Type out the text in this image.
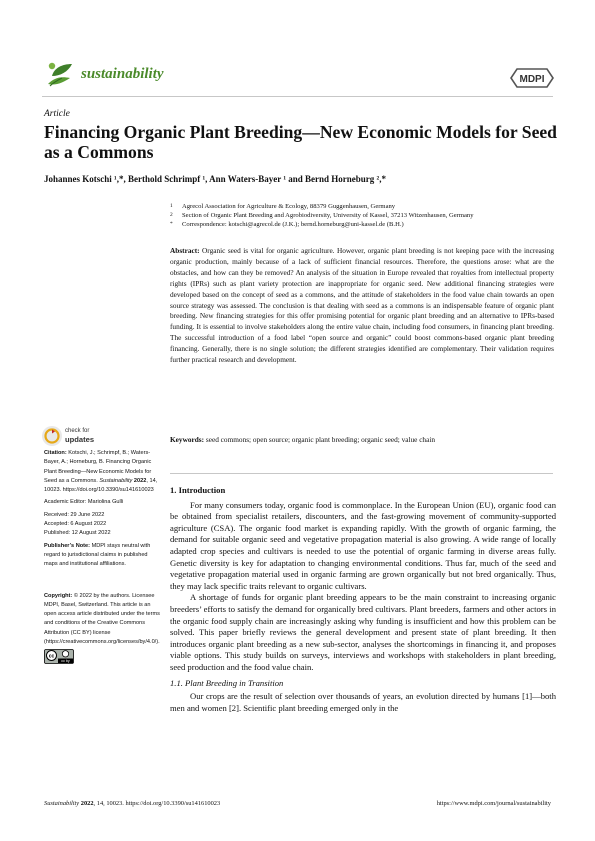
sustainability	MDPI
Article
Financing Organic Plant Breeding—New Economic Models for Seed as a Commons
Johannes Kotschi ¹,*, Berthold Schrimpf ¹, Ann Waters-Bayer ¹ and Bernd Horneburg ²,*
1 Agrecol Association for Agriculture & Ecology, 88379 Guggenhausen, Germany
2 Section of Organic Plant Breeding and Agrobiodiversity, University of Kassel, 37213 Witzenhausen, Germany
* Correspondence: kotschi@agrecol.de (J.K.); bernd.horneburg@uni-kassel.de (B.H.)
Abstract: Organic seed is vital for organic agriculture. However, organic plant breeding is not keeping pace with the increasing organic production, mainly because of a lack of sufficient financial resources. Therefore, the questions arose: what are the obstacles, and how can they be removed? An analysis of the situation in Europe revealed that royalties from intellectual property rights (IPRs) such as plant variety protection are inappropriate for organic seed. New additional financing strategies were developed based on the concept of seed as a commons, and the attitude of stakeholders in the food value chain towards an open source strategy was assessed. The conclusion is that dealing with seed as a commons is an indispensable feature of organic plant breeding. New financing strategies for this offer promising potential for organic plant breeding and an alternative to IPRs-based funding. It is essential to involve stakeholders along the entire value chain, including food consumers, in financing plant breeding. The successful introduction of a food label “open source and organic” could boost commons-based organic plant breeding financing. Generally, there is no single solution; the different strategies identified are complementary. Their validation requires further practical research and development.
Keywords: seed commons; open source; organic plant breeding; organic seed; value chain
check for
updates

Citation: Kotschi, J.; Schrimpf, B.; Waters-Bayer, A.; Horneburg, B. Financing Organic Plant Breeding—New Economic Models for Seed as a Commons. Sustainability 2022, 14, 10023. https://doi.org/10.3390/su141610023

Academic Editor: Mariolina Gulli

Received: 29 June 2022

Accepted: 6 August 2022

Published: 12 August 2022

Publisher’s Note: MDPI stays neutral with regard to jurisdictional claims in published maps and institutional affiliations.

Copyright: © 2022 by the authors. Licensee MDPI, Basel, Switzerland. This article is an open access article distributed under the terms and conditions of the Creative Commons Attribution (CC BY) license (https://creativecommons.org/licenses/by/4.0/).

cc
cc by

1. Introduction

For many consumers today, organic food is commonplace. In the European Union (EU), organic food can be obtained from specialist retailers, discounters, and the fast-growing movement of community-supported agriculture (CSA). The organic food market is expanding rapidly. With the growth of organic farming, the demand for suitable organic seed and vegetative propagation material is also growing. A wide range of locally adapted crop species and cultivars is needed to use the potential of organic farming in diverse areas fully. Genetic diversity is key for adaptation to changing environmental conditions. Thus far, much of the seed and vegetative propagation material used in organic farming are grown organically but not bred organically. Thus, they may lack specific traits relevant to organic cultivars.

A shortage of funds for organic plant breeding appears to be the main constraint to increasing organic breeders’ efforts to satisfy the demand for organically bred cultivars. Plant breeders, farmers and other actors in the organic food supply chain are increasingly asking why funding is insufficient and how this problem can be solved. This paper briefly reviews the general development and present state of plant breeding. It then introduces organic plant breeding as a new sub-sector, analyses the shortcomings in financing it, and proposes viable options. This study builds on surveys, interviews and workshops with stakeholders in plant breeding, seed production and the food value chain.

1.1. Plant Breeding in Transition

Our crops are the result of selection over thousands of years, an evolution directed by humans [1]—both men and women [2]. Scientific plant breeding emerged only in the

Sustainability 2022, 14, 10023. https://doi.org/10.3390/su141610023	https://www.mdpi.com/journal/sustainability
